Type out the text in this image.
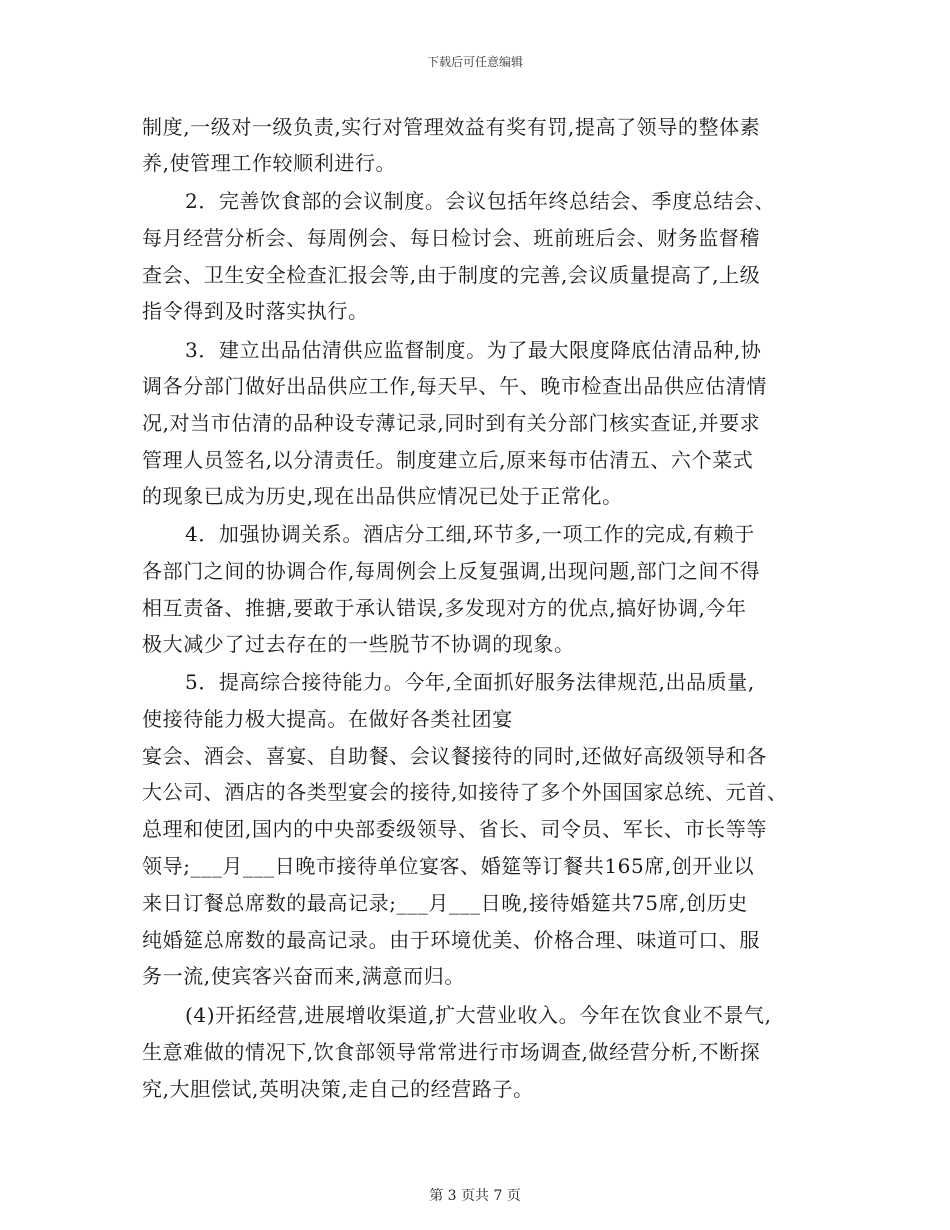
下载后可任意编辑
制度,一级对一级负责,实行对管理效益有奖有罚,提高了领导的整体素
养,使管理工作较顺利进行。
2．完善饮食部的会议制度。会议包括年终总结会、季度总结会、
每月经营分析会、每周例会、每日检讨会、班前班后会、财务监督稽
查会、卫生安全检查汇报会等,由于制度的完善,会议质量提高了,上级
指令得到及时落实执行。
3．建立出品估清供应监督制度。为了最大限度降底估清品种,协
调各分部门做好出品供应工作,每天早、午、晚市检查出品供应估清情
况,对当市估清的品种设专薄记录,同时到有关分部门核实查证,并要求
管理人员签名,以分清责任。制度建立后,原来每市估清五、六个菜式
的现象已成为历史,现在出品供应情况已处于正常化。
4．加强协调关系。酒店分工细,环节多,一项工作的完成,有赖于
各部门之间的协调合作,每周例会上反复强调,出现问题,部门之间不得
相互责备、推搪,要敢于承认错误,多发现对方的优点,搞好协调,今年
极大减少了过去存在的一些脱节不协调的现象。
5．提高综合接待能力。今年,全面抓好服务法律规范,出品质量,
使接待能力极大提高。在做好各类社团宴
宴会、酒会、喜宴、自助餐、会议餐接待的同时,还做好高级领导和各
大公司、酒店的各类型宴会的接待,如接待了多个外国国家总统、元首、
总理和使团,国内的中央部委级领导、省长、司令员、军长、市长等等
领导;___月___日晚市接待单位宴客、婚筵等订餐共165席,创开业以
来日订餐总席数的最高记录;___月___日晚,接待婚筵共75席,创历史
纯婚筵总席数的最高记录。由于环境优美、价格合理、味道可口、服
务一流,使宾客兴奋而来,满意而归。
(4)开拓经营,进展增收渠道,扩大营业收入。今年在饮食业不景气,
生意难做的情况下,饮食部领导常常进行市场调查,做经营分析,不断探
究,大胆偿试,英明决策,走自己的经营路子。
第 3 页共 7 页
